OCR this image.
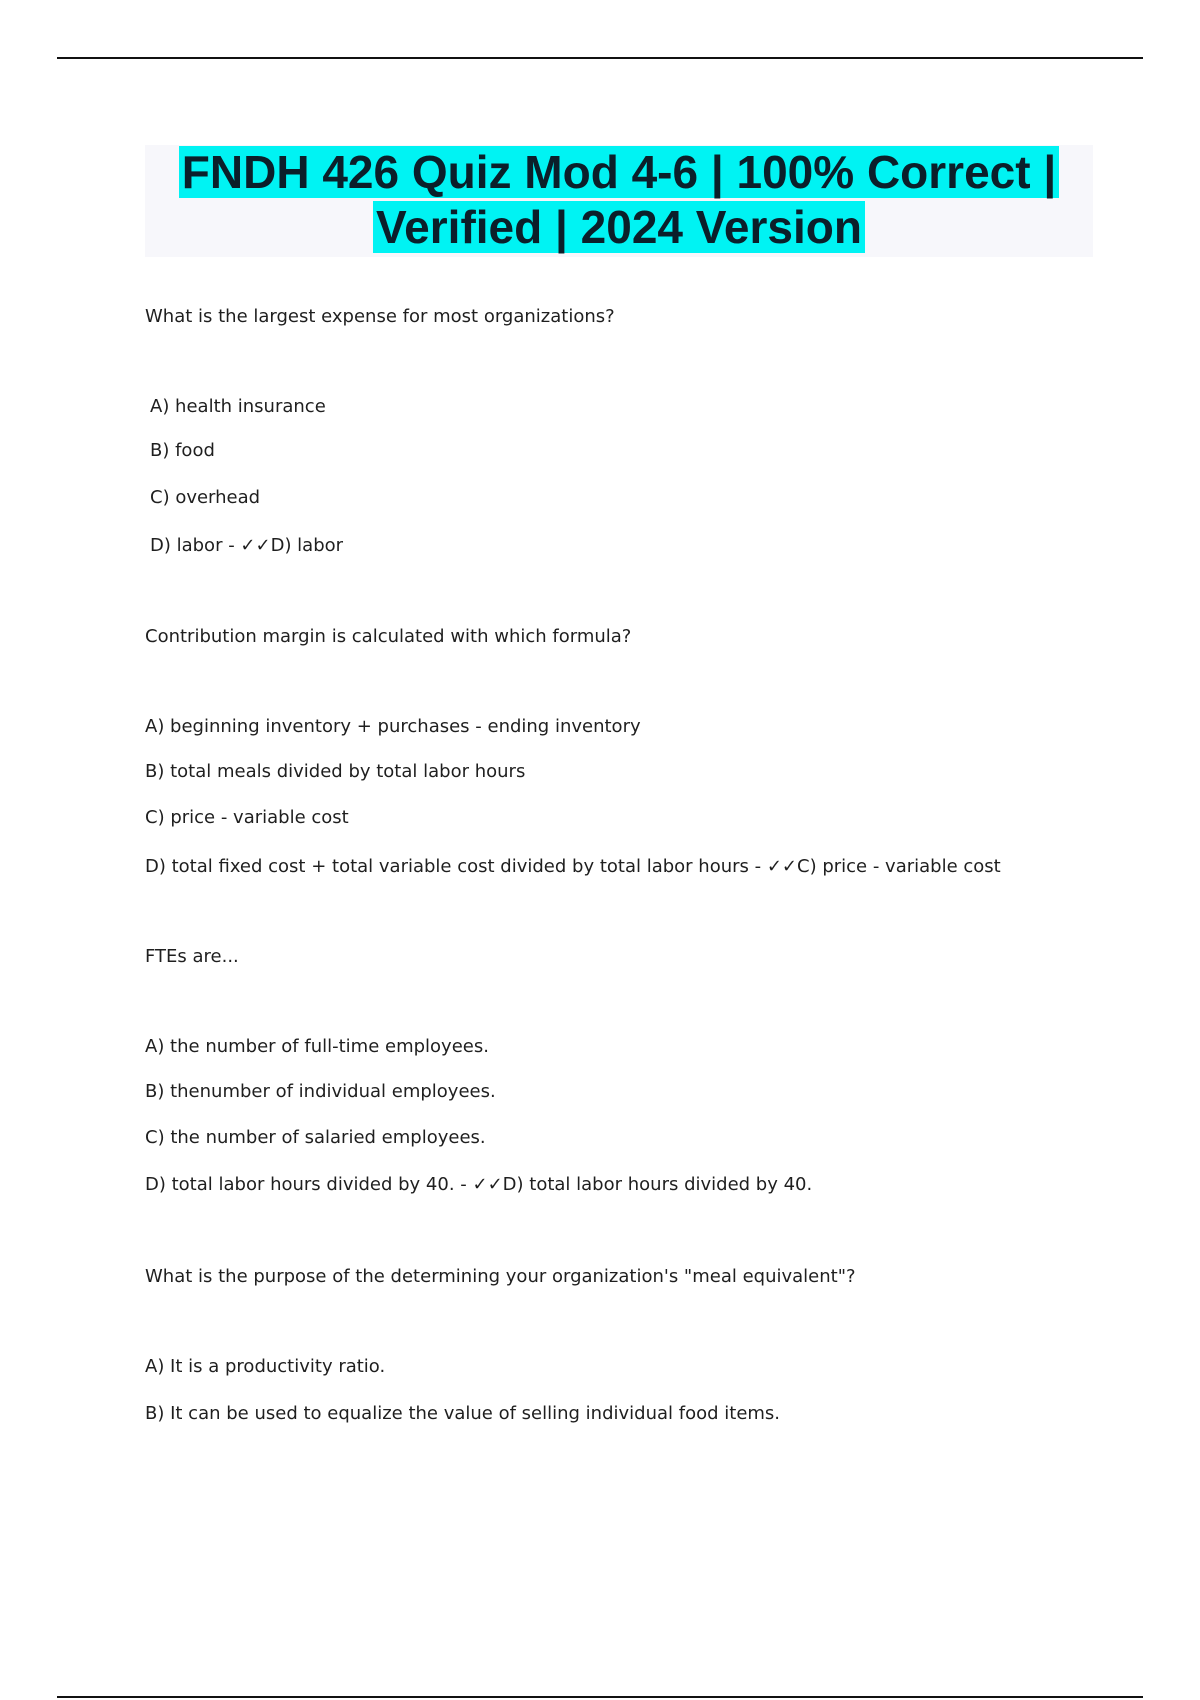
FNDH 426 Quiz Mod 4-6 | 100% Correct |
Verified | 2024 Version
What is the largest expense for most organizations?
A) health insurance
B) food
C) overhead
D) labor - ✓✓D) labor
Contribution margin is calculated with which formula?
A) beginning inventory + purchases - ending inventory
B) total meals divided by total labor hours
C) price - variable cost
D) total fixed cost + total variable cost divided by total labor hours - ✓✓C) price - variable cost
FTEs are...
A) the number of full-time employees.
B) thenumber of individual employees.
C) the number of salaried employees.
D) total labor hours divided by 40. - ✓✓D) total labor hours divided by 40.
What is the purpose of the determining your organization's "meal equivalent"?
A) It is a productivity ratio.
B) It can be used to equalize the value of selling individual food items.
